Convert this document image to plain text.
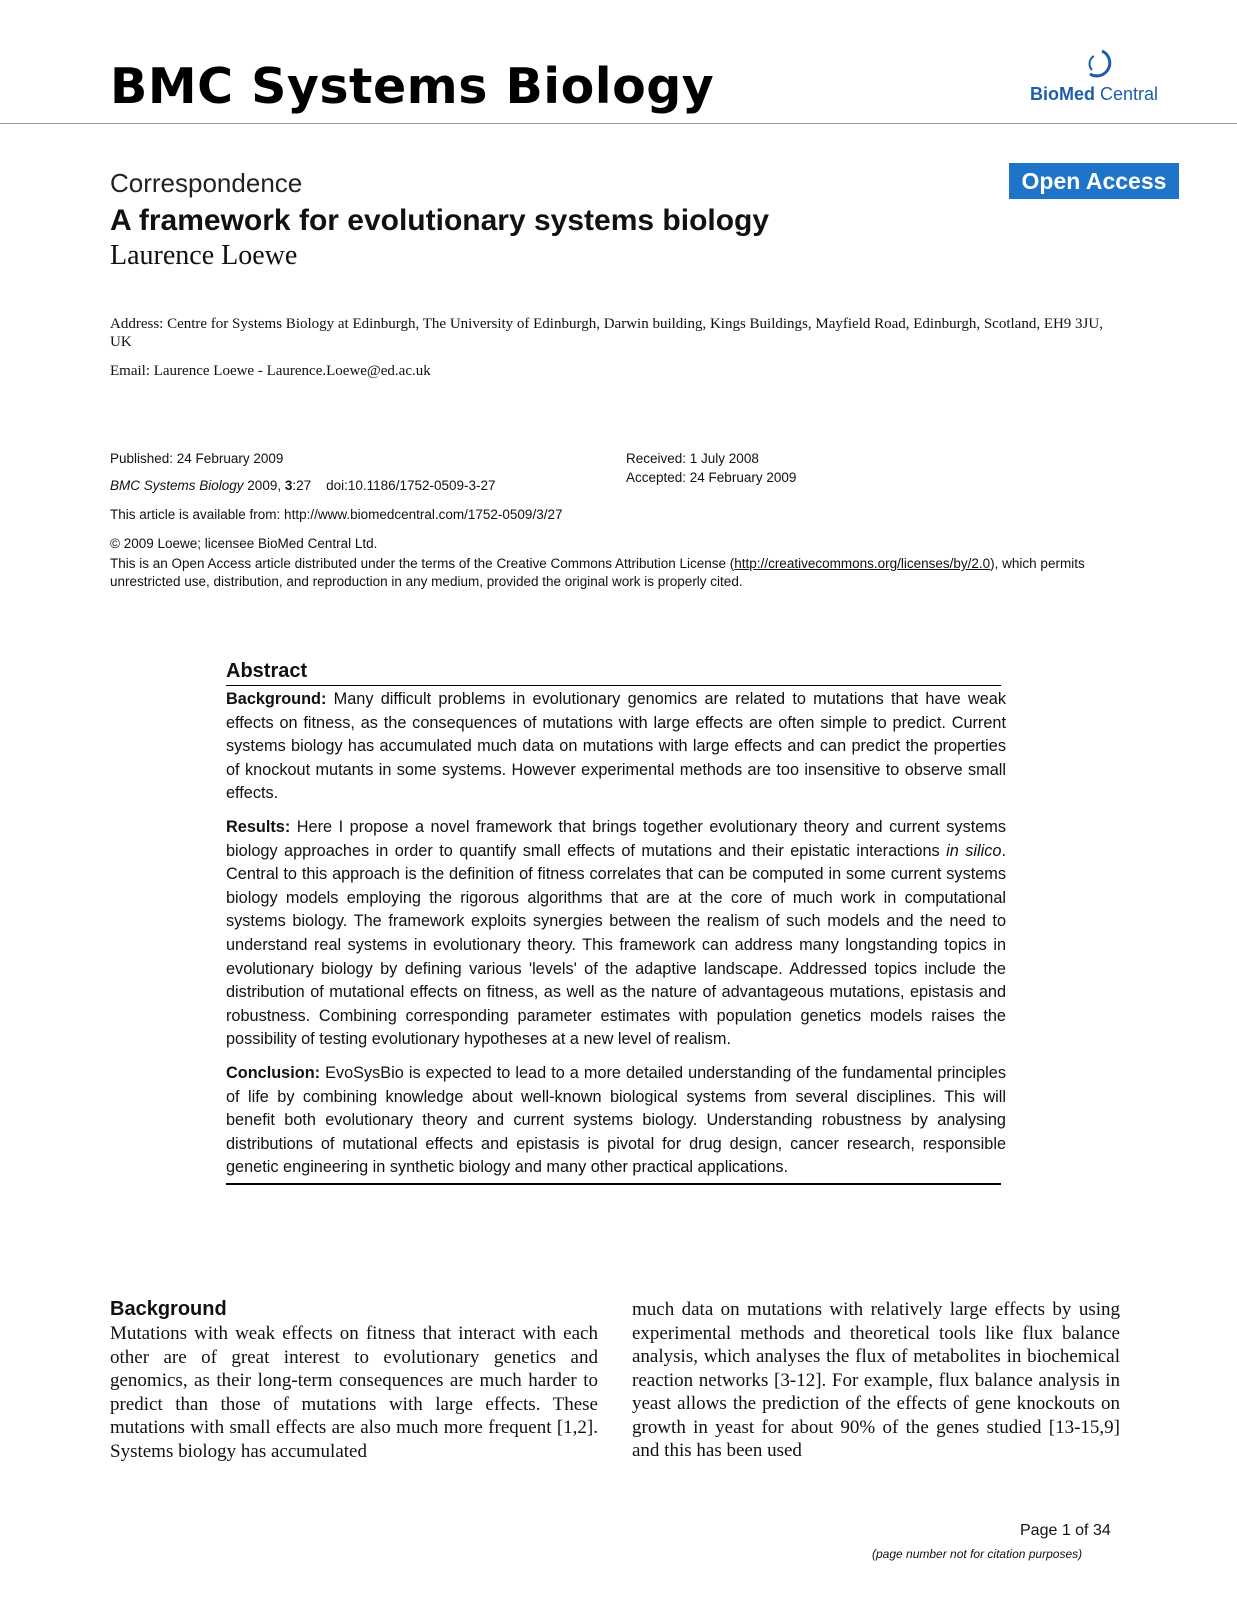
BMC Systems Biology	BioMed Central
Correspondence	Open Access
A framework for evolutionary systems biology
Laurence Loewe
Address: Centre for Systems Biology at Edinburgh, The University of Edinburgh, Darwin building, Kings Buildings, Mayfield Road, Edinburgh, Scotland, EH9 3JU, UK
Email: Laurence Loewe - Laurence.Loewe@ed.ac.uk
Published: 24 February 2009
BMC Systems Biology 2009, 3:27    doi:10.1186/1752-0509-3-27
Received: 1 July 2008
Accepted: 24 February 2009
This article is available from: http://www.biomedcentral.com/1752-0509/3/27
© 2009 Loewe; licensee BioMed Central Ltd.
This is an Open Access article distributed under the terms of the Creative Commons Attribution License (http://creativecommons.org/licenses/by/2.0), which permits unrestricted use, distribution, and reproduction in any medium, provided the original work is properly cited.
Abstract

Background: Many difficult problems in evolutionary genomics are related to mutations that have weak effects on fitness, as the consequences of mutations with large effects are often simple to predict. Current systems biology has accumulated much data on mutations with large effects and can predict the properties of knockout mutants in some systems. However experimental methods are too insensitive to observe small effects.

Results: Here I propose a novel framework that brings together evolutionary theory and current systems biology approaches in order to quantify small effects of mutations and their epistatic interactions in silico. Central to this approach is the definition of fitness correlates that can be computed in some current systems biology models employing the rigorous algorithms that are at the core of much work in computational systems biology. The framework exploits synergies between the realism of such models and the need to understand real systems in evolutionary theory. This framework can address many longstanding topics in evolutionary biology by defining various 'levels' of the adaptive landscape. Addressed topics include the distribution of mutational effects on fitness, as well as the nature of advantageous mutations, epistasis and robustness. Combining corresponding parameter estimates with population genetics models raises the possibility of testing evolutionary hypotheses at a new level of realism.

Conclusion: EvoSysBio is expected to lead to a more detailed understanding of the fundamental principles of life by combining knowledge about well-known biological systems from several disciplines. This will benefit both evolutionary theory and current systems biology. Understanding robustness by analysing distributions of mutational effects and epistasis is pivotal for drug design, cancer research, responsible genetic engineering in synthetic biology and many other practical applications.

Background
Mutations with weak effects on fitness that interact with each other are of great interest to evolutionary genetics and genomics, as their long-term consequences are much harder to predict than those of mutations with large effects. These mutations with small effects are also much more frequent [1,2]. Systems biology has accumulated
much data on mutations with relatively large effects by using experimental methods and theoretical tools like flux balance analysis, which analyses the flux of metabolites in biochemical reaction networks [3-12]. For example, flux balance analysis in yeast allows the prediction of the effects of gene knockouts on growth in yeast for about 90% of the genes studied [13-15,9] and this has been used
Page 1 of 34
(page number not for citation purposes)
